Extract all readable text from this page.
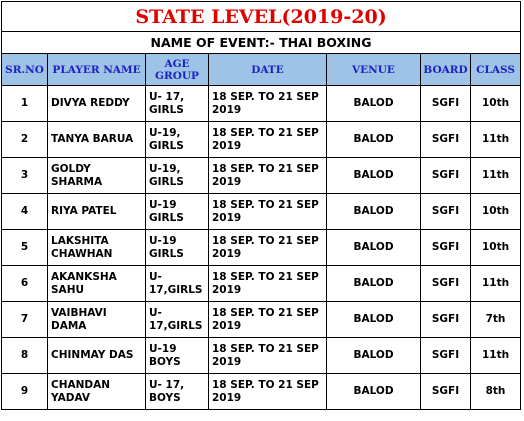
STATE LEVEL(2019-20)						
NAME OF EVENT:- THAI BOXING						
SR.NO	PLAYER NAME	AGE GROUP	DATE	VENUE	BOARD	CLASS
1	DIVYA REDDY	U- 17, GIRLS	18 SEP. TO 21 SEP 2019	BALOD	SGFI	10th
2	TANYA BARUA	U-19, GIRLS	18 SEP. TO 21 SEP 2019	BALOD	SGFI	11th
3	GOLDY SHARMA	U-19, GIRLS	18 SEP. TO 21 SEP 2019	BALOD	SGFI	11th
4	RIYA PATEL	U-19 GIRLS	18 SEP. TO 21 SEP 2019	BALOD	SGFI	10th
5	LAKSHITA CHAWHAN	U-19 GIRLS	18 SEP. TO 21 SEP 2019	BALOD	SGFI	10th
6	AKANKSHA SAHU	U- 17,GIRLS	18 SEP. TO 21 SEP 2019	BALOD	SGFI	11th
7	VAIBHAVI DAMA	U- 17,GIRLS	18 SEP. TO 21 SEP 2019	BALOD	SGFI	7th
8	CHINMAY DAS	U-19 BOYS	18 SEP. TO 21 SEP 2019	BALOD	SGFI	11th
9	CHANDAN YADAV	U- 17, BOYS	18 SEP. TO 21 SEP 2019	BALOD	SGFI	8th
